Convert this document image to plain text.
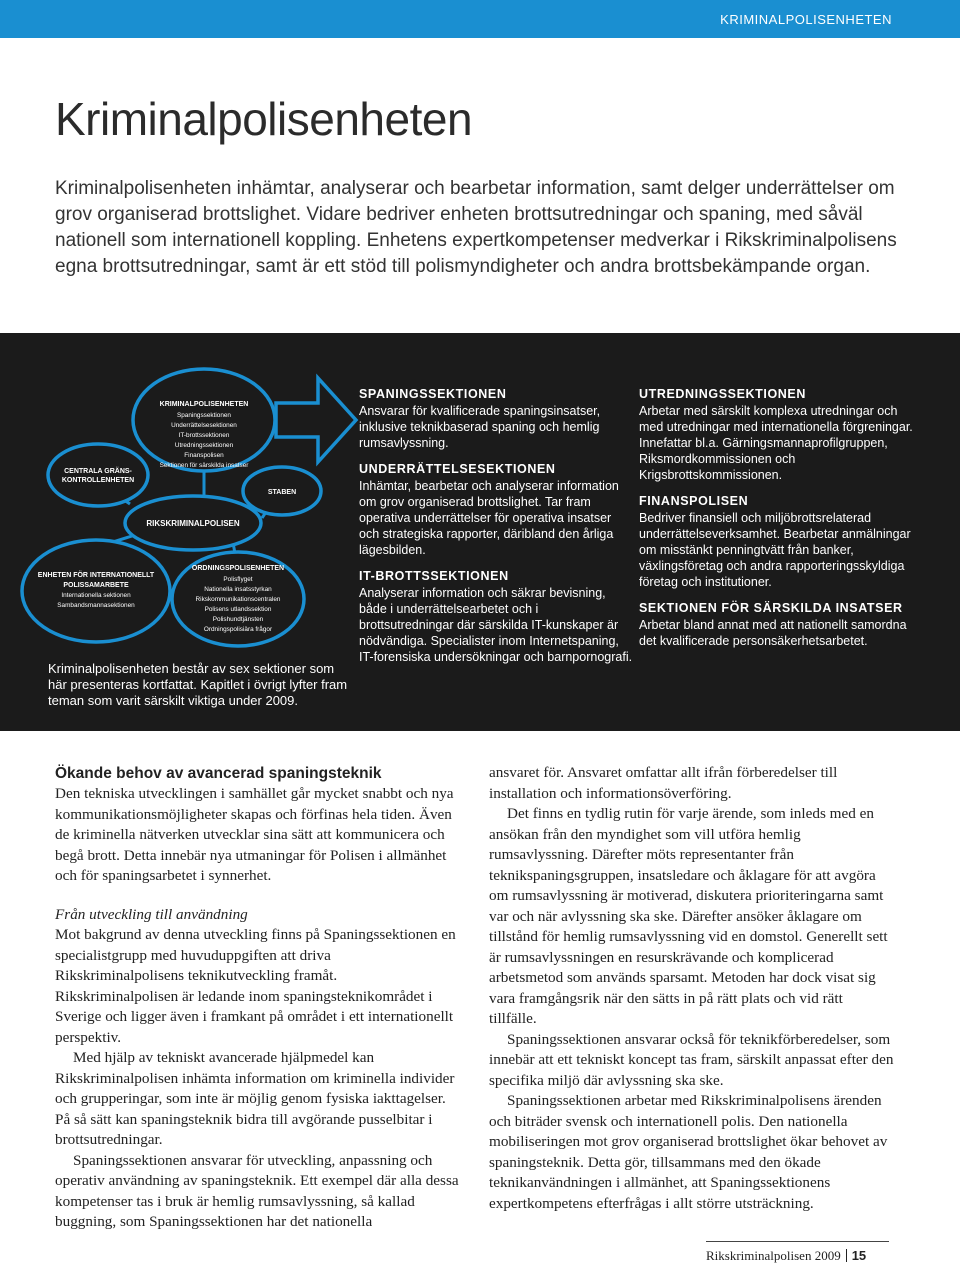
KRIMINALPOLISENHETEN
Kriminalpolisenheten

Kriminalpolisenheten inhämtar, analyserar och bearbetar information, samt delger underrättelser om grov organiserad brottslighet. Vidare bedriver enheten brottsutredningar och spaning, med såväl nationell som internationell koppling. Enhetens expertkompetenser medverkar i Rikskriminalpolisens egna brottsutredningar, samt är ett stöd till polismyndigheter och andra brottsbekämpande organ.

KRIMINALPOLISENHETEN
Spaningssektionen
Underrättelsesektionen
IT-brottssektionen
Utredningssektionen
Finanspolisen
Sektionen för särskilda insatser
CENTRALA GRÄNS-
KONTROLLENHETEN
STABEN
RIKSKRIMINALPOLISEN
ENHETEN FÖR INTERNATIONELLT
POLISSAMARBETE
Internationella sektionen
Sambandsmannasektionen
ORDNINGSPOLISENHETEN
Polisflyget
Nationella insatsstyrkan
Rikskommunikationscentralen
Polisens utlandssektion
Polishundtjänsten
Ordningspolisiära frågor

Kriminalpolisenheten består av sex sektioner som här presenteras kortfattat. Kapitlet i övrigt lyfter fram teman som varit särskilt viktiga under 2009.

SPANINGSSEKTIONEN
Ansvarar för kvalificerade spaningsinsatser, inklusive teknikbaserad spaning och hemlig rumsavlyssning.
UNDERRÄTTELSESEKTIONEN
Inhämtar, bearbetar och analyserar information om grov organiserad brottslighet. Tar fram operativa underrättelser för operativa insatser och strategiska rapporter, däribland den årliga lägesbilden.
IT-BROTTSSEKTIONEN
Analyserar information och säkrar bevisning, både i underrättelsearbetet och i brottsutredningar där särskilda IT-kunskaper är nödvändiga. Specialister inom Internetspaning, IT-forensiska undersökningar och barnpornografi.
UTREDNINGSSEKTIONEN
Arbetar med särskilt komplexa utredningar och med utredningar med internationella förgreningar. Innefattar bl.a. Gärningsmannaprofilgruppen, Riksmordkommissionen och Krigsbrottskommissionen.
FINANSPOLISEN
Bedriver finansiell och miljöbrottsrelaterad underrättelseverksamhet. Bearbetar anmälningar om misstänkt penningtvätt från banker, växlingsföretag och andra rapporteringsskyldiga företag och institutioner.
SEKTIONEN FÖR SÄRSKILDA INSATSER
Arbetar bland annat med att nationellt samordna det kvalificerade personsäkerhetsarbetet.
Ökande behov av avancerad spaningsteknik

Den tekniska utvecklingen i samhället går mycket snabbt och nya kommunikationsmöjligheter skapas och förfinas hela tiden. Även de kriminella nätverken utvecklar sina sätt att kommunicera och begå brott. Detta innebär nya utmaningar för Polisen i allmänhet och för spaningsarbetet i synnerhet.

Från utveckling till användning

Mot bakgrund av denna utveckling finns på Spaningssektionen en specialistgrupp med huvuduppgiften att driva Rikskriminalpolisens teknikutveckling framåt. Rikskriminalpolisen är ledande inom spaningsteknikområdet i Sverige och ligger även i framkant på området i ett internationellt perspektiv.

Med hjälp av tekniskt avancerade hjälpmedel kan Rikskriminalpolisen inhämta information om kriminella individer och grupperingar, som inte är möjlig genom fysiska iakttagelser. På så sätt kan spaningsteknik bidra till avgörande pusselbitar i brottsutredningar.

Spaningssektionen ansvarar för utveckling, anpassning och operativ användning av spaningsteknik. Ett exempel där alla dessa kompetenser tas i bruk är hemlig rumsavlyssning, så kallad buggning, som Spaningssektionen har det nationella

ansvaret för. Ansvaret omfattar allt ifrån förberedelser till installation och informationsöverföring.

Det finns en tydlig rutin för varje ärende, som inleds med en ansökan från den myndighet som vill utföra hemlig rumsavlyssning. Därefter möts representanter från teknikspaningsgruppen, insatsledare och åklagare för att avgöra om rumsavlyssning är motiverad, diskutera prioriteringarna samt var och när avlyssning ska ske. Därefter ansöker åklagare om tillstånd för hemlig rumsavlyssning vid en domstol. Generellt sett är rumsavlyssningen en resurskrävande och komplicerad arbetsmetod som används sparsamt. Metoden har dock visat sig vara framgångsrik när den sätts in på rätt plats och vid rätt tillfälle.

Spaningssektionen ansvarar också för teknikförberedelser, som innebär att ett tekniskt koncept tas fram, särskilt anpassat efter den specifika miljö där avlyssning ska ske.

Spaningssektionen arbetar med Rikskriminalpolisens ärenden och biträder svensk och internationell polis. Den nationella mobiliseringen mot grov organiserad brottslighet ökar behovet av spaningsteknik. Detta gör, tillsammans med den ökade teknikanvändningen i allmänhet, att Spaningssektionens expertkompetens efterfrågas i allt större utsträckning.

Rikskriminalpolisen 2009 15
